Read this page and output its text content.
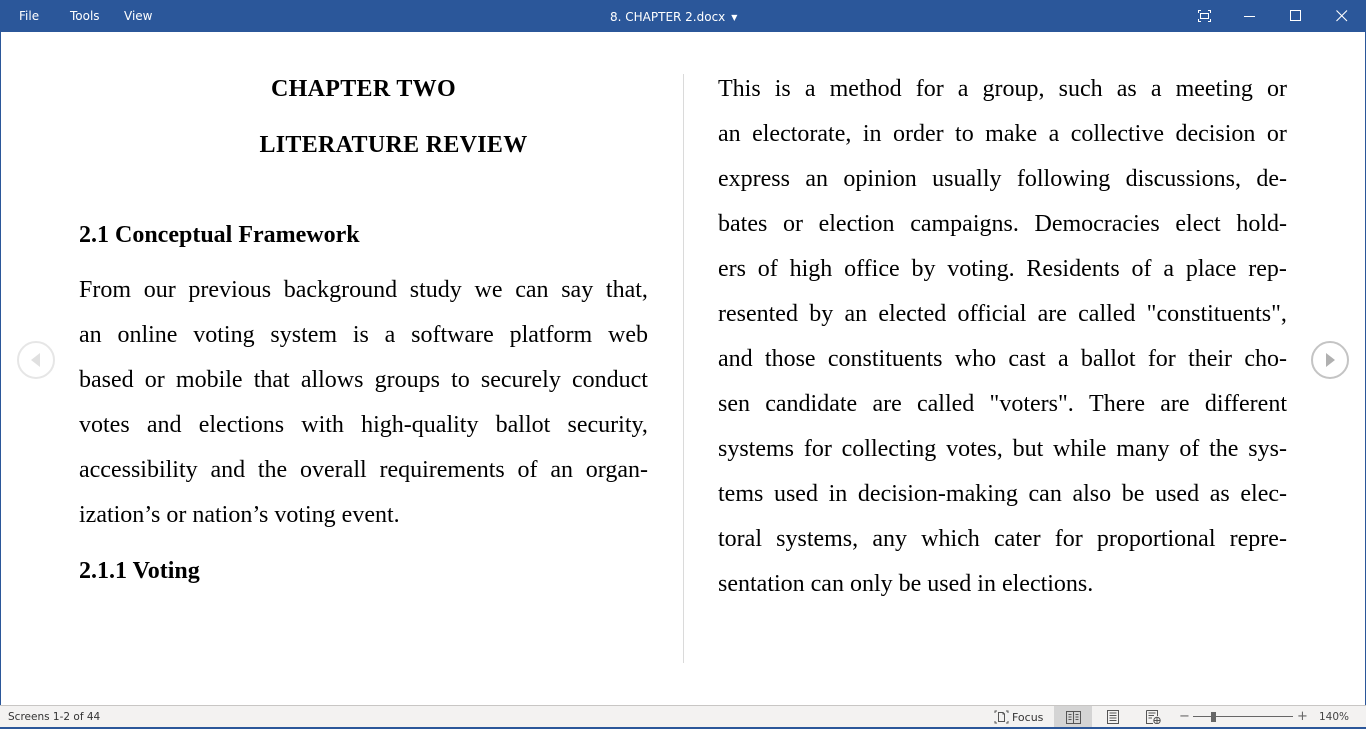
File	Tools View	8. CHAPTER 2.docx ▼
CHAPTER TWO
LITERATURE REVIEW
2.1 Conceptual Framework
From our previous background study we can say that,
an online voting system is a software platform web
based or mobile that allows groups to securely conduct
votes and elections with high-quality ballot security,
accessibility and the overall requirements of an organ-
ization’s or nation’s voting event.
2.1.1 Voting
This is a method for a group, such as a meeting or
an electorate, in order to make a collective decision or
express an opinion usually following discussions, de-
bates or election campaigns. Democracies elect hold-
ers of high office by voting. Residents of a place rep-
resented by an elected official are called "constituents",
and those constituents who cast a ballot for their cho-
sen candidate are called "voters". There are different
systems for collecting votes, but while many of the sys-
tems used in decision-making can also be used as elec-
toral systems, any which cater for proportional repre-
sentation can only be used in elections.
Screens 1-2 of 44	Focus	−	+ 140%
